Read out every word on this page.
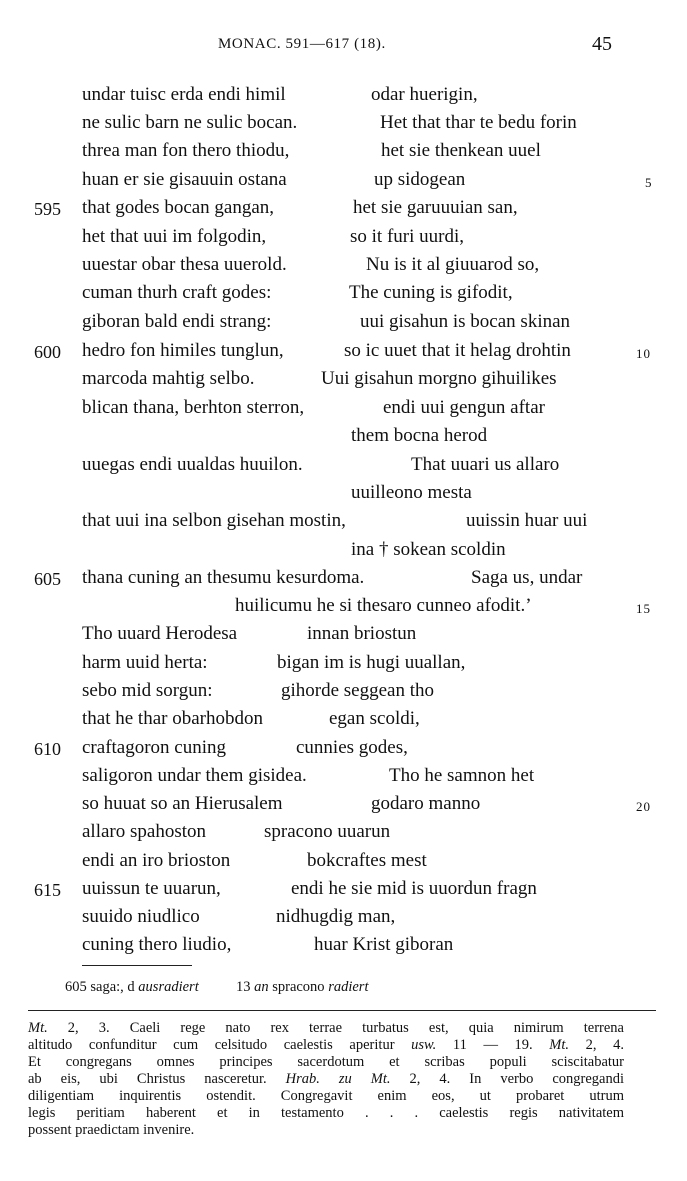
MONAC. 591—617 (18).	45
undar tuisc erda endi himil	odar huerigin,
ne sulic barn ne sulic bocan.	Het that thar te bedu forin
threa man fon thero thiodu,	het sie thenkean uuel
huan er sie gisauuin ostana	up sidogean
that godes bocan gangan,	het sie garuuuian san,
het that uui im folgodin,	so it furi uurdi,
uuestar obar thesa uuerold.	Nu is it al giuuarod so,
cuman thurh craft godes:	The cuning is gifodit,
giboran bald endi strang:	uui gisahun is bocan skinan
hedro fon himiles tunglun,	so ic uuet that it helag drohtin
marcoda mahtig selbo.	Uui gisahun morgno gihuilikes
blican thana, berhton sterron,	endi uui gengun aftar
them bocna herod
uuegas endi uualdas huuilon.	That uuari us allaro
uuilleono mesta
that uui ina selbon gisehan mostin,	uuissin huar uui
ina † sokean scoldin
thana cuning an thesumu kesurdoma.	Saga us, undar
huilicumu he si thesaro cunneo afodit.’
Tho uuard Herodesa	innan briostun
harm uuid herta:	bigan im is hugi uuallan,
sebo mid sorgun:	gihorde seggean tho
that he thar obarhobdon	egan scoldi,
craftagoron cuning	cunnies godes,
saligoron undar them gisidea.	Tho he samnon het
so huuat so an Hierusalem	godaro manno
allaro spahoston	spracono uuarun
endi an iro brioston	bokcraftes mest
uuissun te uuarun,	endi he sie mid is uuordun fragn
suuido niudlico	nidhugdig man,
cuning thero liudio,	huar Krist giboran
595
600
605
610
615
5
10
15
20
605 saga:, d ausradiert	13 an spracono radiert
Mt. 2, 3. Caeli rege nato rex terrae turbatus est, quia nimirum terrena
altitudo confunditur cum celsitudo caelestis aperitur usw. 11 — 19. Mt. 2, 4.
Et congregans omnes principes sacerdotum et scribas populi sciscitabatur
ab eis, ubi Christus nasceretur. Hrab. zu Mt. 2, 4. In verbo congregandi
diligentiam inquirentis ostendit. Congregavit enim eos, ut probaret utrum
legis peritiam haberent et in testamento . . . caelestis regis nativitatem
possent praedictam invenire.
